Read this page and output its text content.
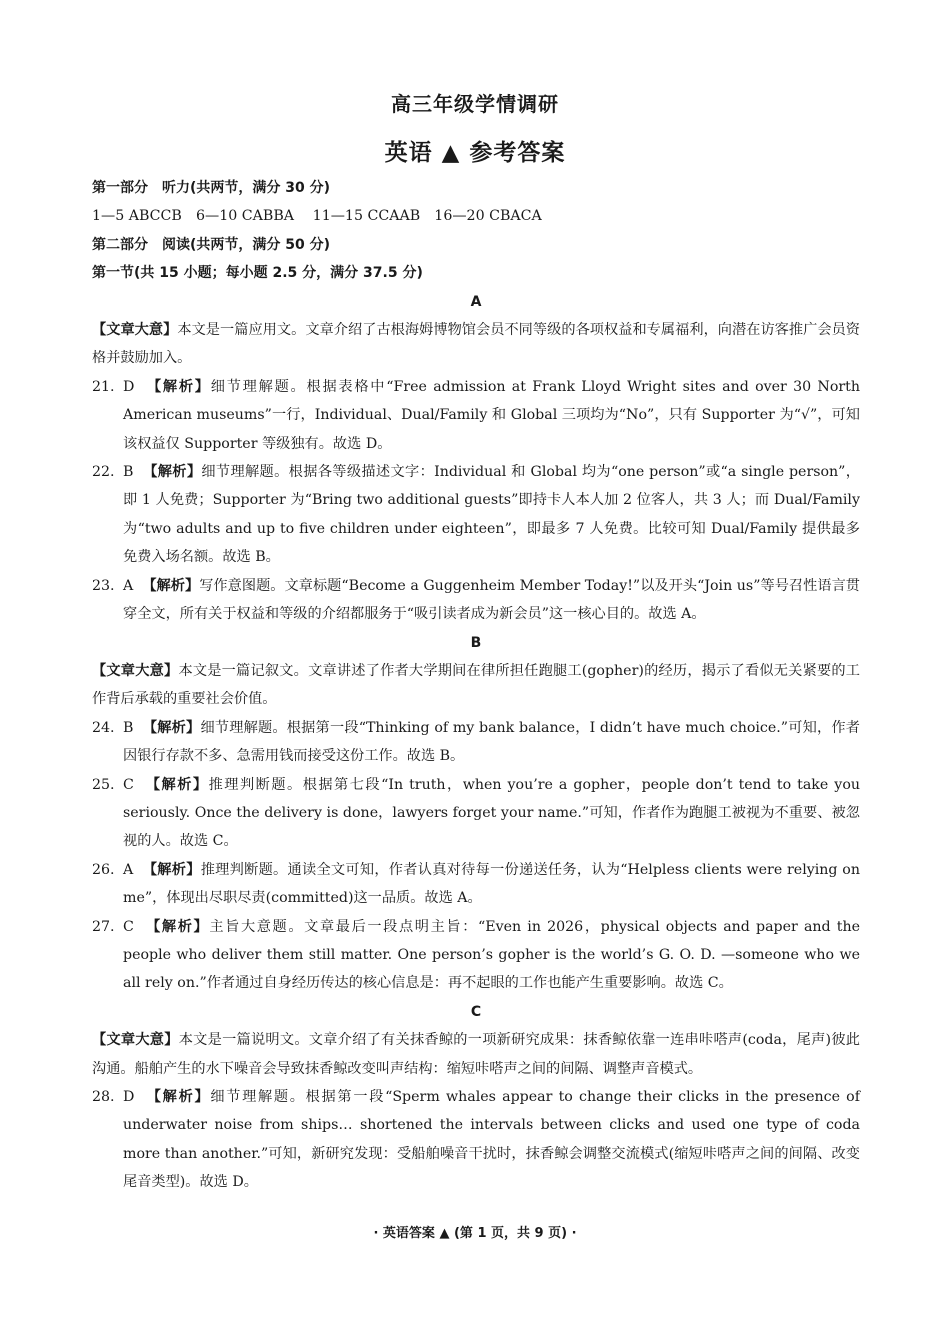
高三年级学情调研
英语 ▲ 参考答案
第一部分　听力(共两节，满分 30 分)
1—5 ABCCB　6—10 CABBA　 11—15 CCAAB　16—20 CBACA
第二部分　阅读(共两节，满分 50 分)
第一节(共 15 小题；每小题 2.5 分，满分 37.5 分)
A
【文章大意】本文是一篇应用文。文章介绍了古根海姆博物馆会员不同等级的各项权益和专属福利，向潜在访客推广会员资格并鼓励加入。
21. D 【解析】细节理解题。根据表格中“Free admission at Frank Lloyd Wright sites and over 30 North American museums”一行，Individual、Dual/Family 和 Global 三项均为“No”，只有 Supporter 为“√”，可知该权益仅 Supporter 等级独有。故选 D。
22. B 【解析】细节理解题。根据各等级描述文字：Individual 和 Global 均为“one person”或“a single person”，即 1 人免费；Supporter 为“Bring two additional guests”即持卡人本人加 2 位客人，共 3 人；而 Dual/Family 为“two adults and up to five children under eighteen”，即最多 7 人免费。比较可知 Dual/Family 提供最多免费入场名额。故选 B。
23. A 【解析】写作意图题。文章标题“Become a Guggenheim Member Today!”以及开头“Join us”等号召性语言贯穿全文，所有关于权益和等级的介绍都服务于“吸引读者成为新会员”这一核心目的。故选 A。
B
【文章大意】本文是一篇记叙文。文章讲述了作者大学期间在律所担任跑腿工(gopher)的经历，揭示了看似无关紧要的工作背后承载的重要社会价值。
24. B 【解析】细节理解题。根据第一段“Thinking of my bank balance，I didn’t have much choice.”可知，作者因银行存款不多、急需用钱而接受这份工作。故选 B。
25. C 【解析】推理判断题。根据第七段“In truth，when you’re a gopher，people don’t tend to take you seriously. Once the delivery is done，lawyers forget your name.”可知，作者作为跑腿工被视为不重要、被忽视的人。故选 C。
26. A 【解析】推理判断题。通读全文可知，作者认真对待每一份递送任务，认为“Helpless clients were relying on me”，体现出尽职尽责(committed)这一品质。故选 A。
27. C 【解析】主旨大意题。文章最后一段点明主旨：“Even in 2026，physical objects and paper and the people who deliver them still matter. One person’s gopher is the world’s G. O. D. —someone who we all rely on.”作者通过自身经历传达的核心信息是：再不起眼的工作也能产生重要影响。故选 C。
C
【文章大意】本文是一篇说明文。文章介绍了有关抹香鲸的一项新研究成果：抹香鲸依靠一连串咔嗒声(coda，尾声)彼此沟通。船舶产生的水下噪音会导致抹香鲸改变叫声结构：缩短咔嗒声之间的间隔、调整声音模式。
28. D 【解析】细节理解题。根据第一段“Sperm whales appear to change their clicks in the presence of underwater noise from ships… shortened the intervals between clicks and used one type of coda more than another.”可知，新研究发现：受船舶噪音干扰时，抹香鲸会调整交流模式(缩短咔嗒声之间的间隔、改变尾音类型)。故选 D。
· 英语答案 ▲ (第 1 页，共 9 页) ·
